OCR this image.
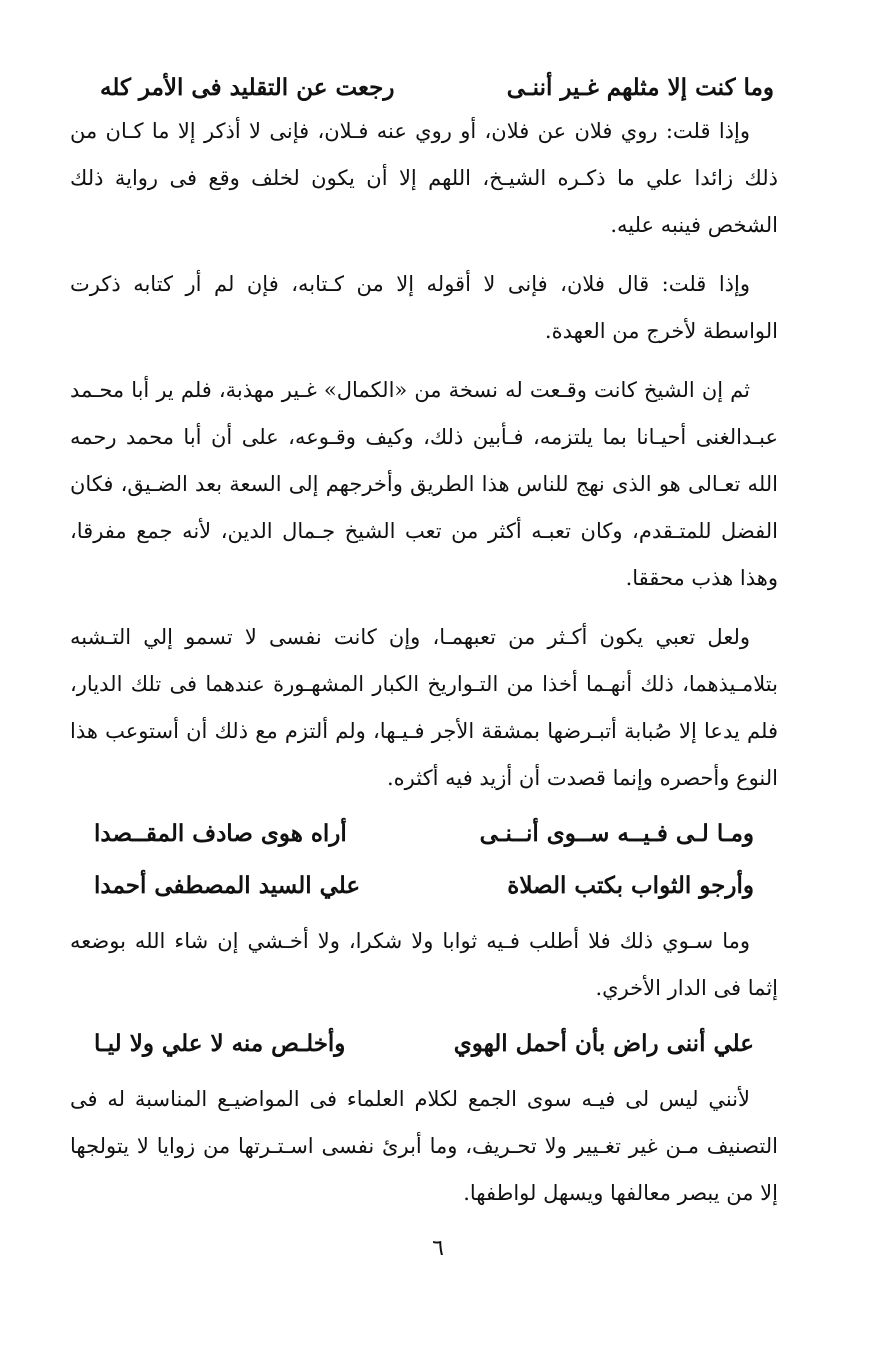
وما كنت إلا مثلهم غـير أننـى
رجعت عن التقليد فى الأمر كله

وإذا قلت: روي فلان عن فلان، أو روي عنه فـلان، فإنى لا أذكر إلا ما كـان من ذلك زائدا علي ما ذكـره الشيـخ، اللهم إلا أن يكون لخلف وقع فى رواية ذلك الشخص فينبه عليه.

وإذا قلت: قال فلان، فإنى لا أقوله إلا من كـتابه، فإن لم أر كتابه ذكرت الواسطة لأخرج من العهدة.

ثم إن الشيخ كانت وقـعت له نسخة من «الكمال» غـير مهذبة، فلم ير أبا محـمد عبـدالغنى أحيـانا بما يلتزمه، فـأبين ذلك، وكيف وقـوعه، على أن أبا محمد رحمه الله تعـالى هو الذى نهج للناس هذا الطريق وأخرجهم إلى السعة بعد الضـيق، فكان الفضل للمتـقدم، وكان تعبـه أكثر من تعب الشيخ جـمال الدين، لأنه جمع مفرقا، وهذا هذب محققا.

ولعل تعبي يكون أكـثر من تعبهمـا، وإن كانت نفسى لا تسمو إلي التـشبه بتلامـيذهما، ذلك أنهـما أخذا من التـواريخ الكبار المشهـورة عندهما فى تلك الديار، فلم يدعا إلا صُبابة أتبـرضها بمشقة الأجر فـيـها، ولم ألتزم مع ذلك أن أستوعب هذا النوع وأحصره وإنما قصدت أن أزيد فيه أكثره.

ومـا لـى فـيــه ســوى أنــنـى
أراه هوى صادف المقــصدا
وأرجو الثواب بكتب الصلاة
علي السيد المصطفى أحمدا

وما سـوي ذلك فلا أطلب فـيه ثوابا ولا شكرا، ولا أخـشي إن شاء الله بوضعه إثما فى الدار الأخري.

علي أننى راض بأن أحمل الهوي
وأخلـص منه لا علي ولا ليـا

لأنني ليس لى فيـه سوى الجمع لكلام العلماء فى المواضيـع المناسبة له فى التصنيف مـن غير تغـيير ولا تحـريف، وما أبرئ نفسى اسـتـرتها من زوايا لا يتولجها إلا من يبصر معالفها ويسهل لواطفها.

٦
